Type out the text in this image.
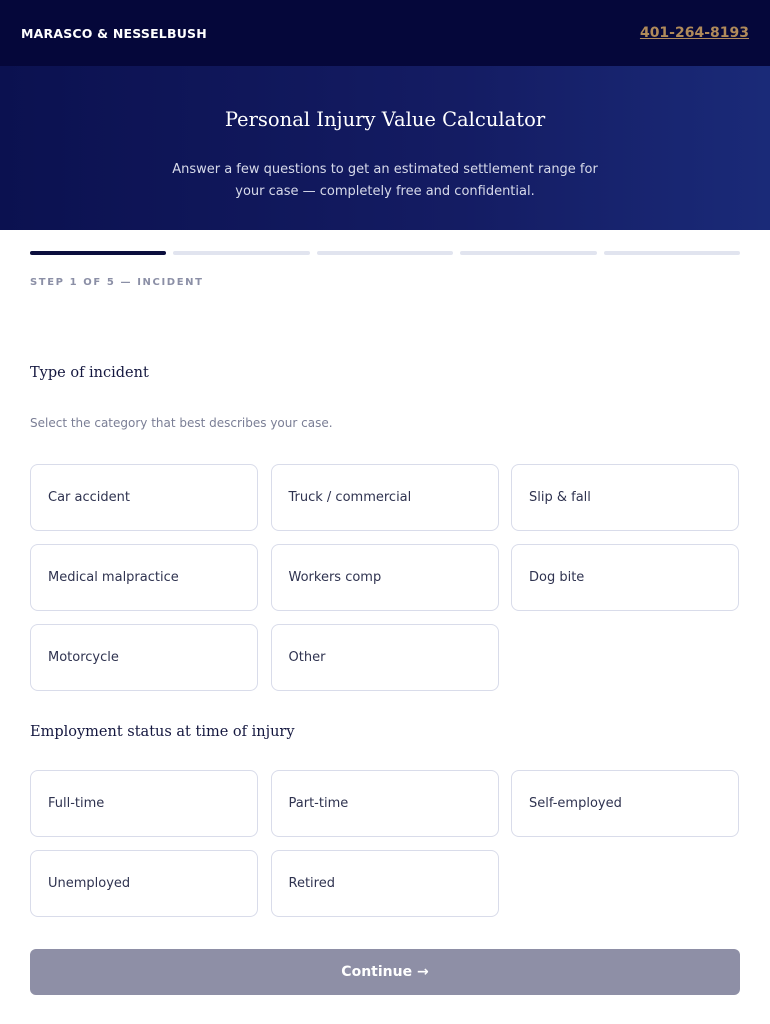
MARASCO & NESSELBUSH	401-264-8193
Personal Injury Value Calculator
Answer a few questions to get an estimated settlement range for your case — completely free and confidential.
STEP 1 OF 5 — INCIDENT
Type of incident
Select the category that best describes your case.
Car accident	Truck / commercial	Slip & fall
Medical malpractice	Workers comp	Dog bite
Motorcycle	Other
Employment status at time of injury
Full-time	Part-time	Self-employed
Unemployed	Retired
Continue →
